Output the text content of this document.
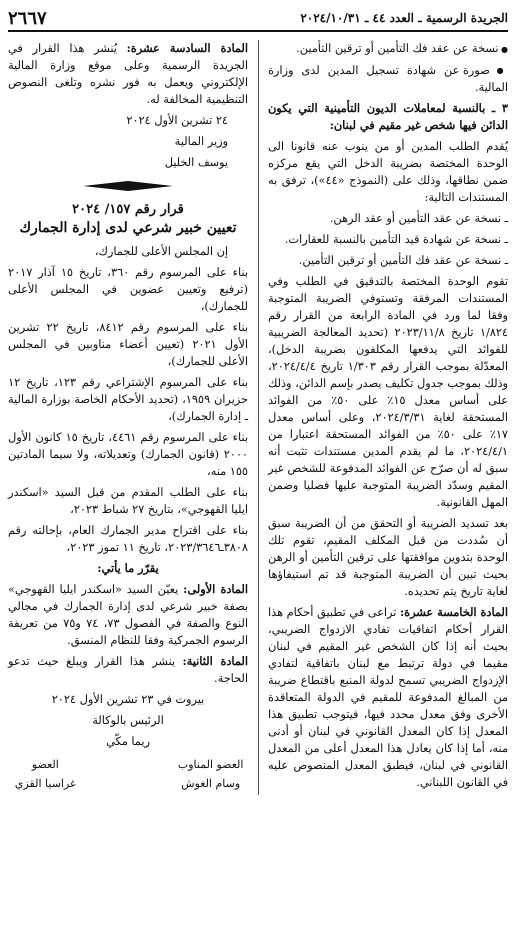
الجريدة الرسمية ـ العدد ٤٤ ـ ٢٠٢٤/١٠/٣١
٢٦٦٧

● نسخة عن عقد فك التأمين أو ترقين التأمين.

● صورة عن شهادة تسجيل المدين لدى وزارة المالية.

٣ ـ بالنسبة لمعاملات الديون التأمينية التي يكون الدائن فيها شخص غير مقيم في لبنان:

يُقدم الطلب المدين أو من ينوب عنه قانونا الى الوحدة المختصة بضريبة الدخل التي يقع مركزه ضمن نطاقها، وذلك على (النموذج «٤٤»)، ترفق به المستندات التالية:

ـ نسخة عن عقد التأمين أو عقد الرهن.

ـ نسخة عن شهادة قيد التأمين بالنسبة للعقارات.

ـ نسخة عن عقد فك التأمين أو ترقين التأمين.

تقوم الوحدة المختصة بالتدقيق في الطلب وفي المستندات المرفقة وتستوفي الضريبة المتوجبة وفقا لما ورد في المادة الرابعة من القرار رقم ١/٨٢٤ تاريخ ٢٠٢٣/١١/٨ (تحديد المعالجة الضريبية للفوائد التي يدفعها المكلفون بضريبة الدخل)، المعدّلة بموجب القرار رقم ١/٣٠٣ تاريخ ٢٠٢٤/٤/٤، وذلك بموجب جدول تكليف يصدر بإسم الدائن، وذلك على أساس معدل ١٥٪ على ٥٠٪ من الفوائد المستحقة لغاية ٢٠٢٤/٣/٣١، وعلى أساس معدل ١٧٪ على ٥٠٪ من الفوائد المستحقة اعتبارا من ٢٠٢٤/٤/١، ما لم يقدم المدين مستندات تثبت أنه سبق له أن صرّح عن الفوائد المدفوعة للشخص غير المقيم وسدّد الضريبة المتوجبة عليها فصليا وضمن المهل القانونية.

بعد تسديد الضريبة أو التحقق من أن الضريبة سبق أن سُددت من قبل المكلف المقيم، تقوم تلك الوحدة بتدوين موافقتها على ترقين التأمين أو الرهن بحيث تبين أن الضريبة المتوجبة قد تم استيفاؤها لغاية تاريخ يتم تحديده.

المادة الخامسة عشرة: تراعى في تطبيق أحكام هذا القرار أحكام اتفاقيات تفادي الازدواج الضريبي، بحيث أنه إذا كان الشخص غير المقيم في لبنان مقيما في دولة ترتبط مع لبنان باتفاقية لتفادي الإزدواج الضريبي تسمح لدولة المنبع باقتطاع ضريبة من المبالغ المدفوعة للمقيم في الدولة المتعاقدة الأخرى وفق معدل محدد فيها، فيتوجب تطبيق هذا المعدل إذا كان المعدل القانوني في لبنان أو أدنى منه، أما إذا كان يعادل هذا المعدل أعلى من المعدل القانوني في لبنان، فيطبق المعدل المنصوص عليه في القانون اللبناني.

المادة السادسة عشرة: يُنشر هذا القرار في الجريدة الرسمية وعلى موقع وزارة المالية الإلكتروني ويعمل به فور نشره وتلغى النصوص التنظيمية المخالفة له.

٢٤ تشرين الأول ٢٠٢٤

وزير المالية

يوسف الخليل

قرار رقم ١٥٧/ ٢٠٢٤
تعيين خبير شرعي لدى إدارة الجمارك

إن المجلس الأعلى للجمارك،

بناء على المرسوم رقم ٣٦٠، تاريخ ١٥ آذار ٢٠١٧ (ترفيع وتعيين عضوين في المجلس الأعلى للجمارك)،

بناء على المرسوم رقم ٨٤١٢، تاريخ ٢٢ تشرين الأول ٢٠٢١ (تعيين أعضاء مناوبين في المجلس الأعلى للجمارك)،

بناء على المرسوم الإشتراعي رقم ١٢٣، تاريخ ١٢ حزيران ١٩٥٩، (تحديد الأحكام الخاصة بوزارة المالية ـ إدارة الجمارك)،

بناء على المرسوم رقم ٤٤٦١، تاريخ ١٥ كانون الأول ٢٠٠٠ (قانون الجمارك) وتعديلاته، ولا سيما المادتين ١٥٥ منه،

بناء على الطلب المقدم من قبل السيد «اسكندر ايليا القهوجي»، بتاريخ ٢٧ شباط ٢٠٢٣،

بناء على اقتراح مدير الجمارك العام، بإحالته رقم ٣٨٠٨ـ٢٠٢٣/٣٦٤٦، تاريخ ١١ تموز ٢٠٢٣،

يقرّر ما يأتي:

المادة الأولى: يعيّن السيد «اسكندر ايليا القهوجي» بصفة خبير شرعي لدى إدارة الجمارك في مجالي النوع والصفة في الفصول ٧٣، ٧٤ و٧٥ من تعريفة الرسوم الجمركية وفقا للنظام المنسق.

المادة الثانية: ينشر هذا القرار ويبلغ حيث تدعو الحاجة.

بيروت في ٢٣ تشرين الأول ٢٠٢٤

الرئيس بالوكالة

ريما مكّي

العضو المناوب
العضو
وسام الغوش
غراسيا القزي
